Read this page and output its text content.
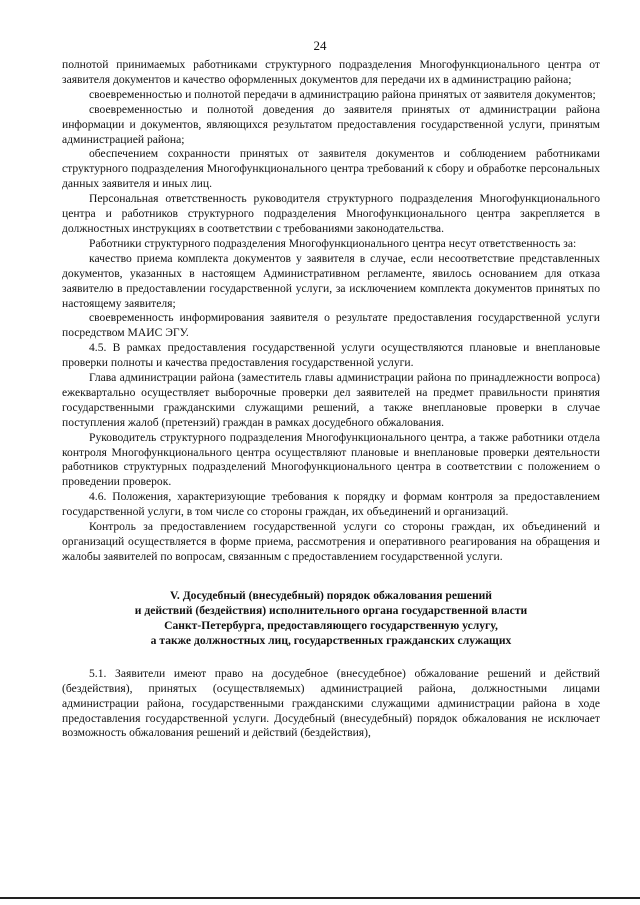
24

полнотой принимаемых работниками структурного подразделения Многофункционального центра от заявителя документов и качество оформленных документов для передачи их в администрацию района;

своевременностью и полнотой передачи в администрацию района принятых от заявителя документов;

своевременностью и полнотой доведения до заявителя принятых от администрации района информации и документов, являющихся результатом предоставления государственной услуги, принятым администрацией района;

обеспечением сохранности принятых от заявителя документов и соблюдением работниками структурного подразделения Многофункционального центра требований к сбору и обработке персональных данных заявителя и иных лиц.

Персональная ответственность руководителя структурного подразделения Многофункционального центра и работников структурного подразделения Многофункционального центра закрепляется в должностных инструкциях в соответствии с требованиями законодательства.

Работники структурного подразделения Многофункционального центра несут ответственность за:

качество приема комплекта документов у заявителя в случае, если несоответствие представленных документов, указанных в настоящем Административном регламенте, явилось основанием для отказа заявителю в предоставлении государственной услуги, за исключением комплекта документов принятых по настоящему заявителя;

своевременность информирования заявителя о результате предоставления государственной услуги посредством МАИС ЭГУ.

4.5. В рамках предоставления государственной услуги осуществляются плановые и внеплановые проверки полноты и качества предоставления государственной услуги.

Глава администрации района (заместитель главы администрации района по принадлежности вопроса) ежеквартально осуществляет выборочные проверки дел заявителей на предмет правильности принятия государственными гражданскими служащими решений, а также внеплановые проверки в случае поступления жалоб (претензий) граждан в рамках досудебного обжалования.

Руководитель структурного подразделения Многофункционального центра, а также работники отдела контроля Многофункционального центра осуществляют плановые и внеплановые проверки деятельности работников структурных подразделений Многофункционального центра в соответствии с положением о проведении проверок.

4.6. Положения, характеризующие требования к порядку и формам контроля за предоставлением государственной услуги, в том числе со стороны граждан, их объединений и организаций.

Контроль за предоставлением государственной услуги со стороны граждан, их объединений и организаций осуществляется в форме приема, рассмотрения и оперативного реагирования на обращения и жалобы заявителей по вопросам, связанным с предоставлением государственной услуги.

V. Досудебный (внесудебный) порядок обжалования решений
и действий (бездействия) исполнительного органа государственной власти
Санкт-Петербурга, предоставляющего государственную услугу,
а также должностных лиц, государственных гражданских служащих

5.1. Заявители имеют право на досудебное (внесудебное) обжалование решений и действий (бездействия), принятых (осуществляемых) администрацией района, должностными лицами администрации района, государственными гражданскими служащими администрации района в ходе предоставления государственной услуги. Досудебный (внесудебный) порядок обжалования не исключает возможность обжалования решений и действий (бездействия),
